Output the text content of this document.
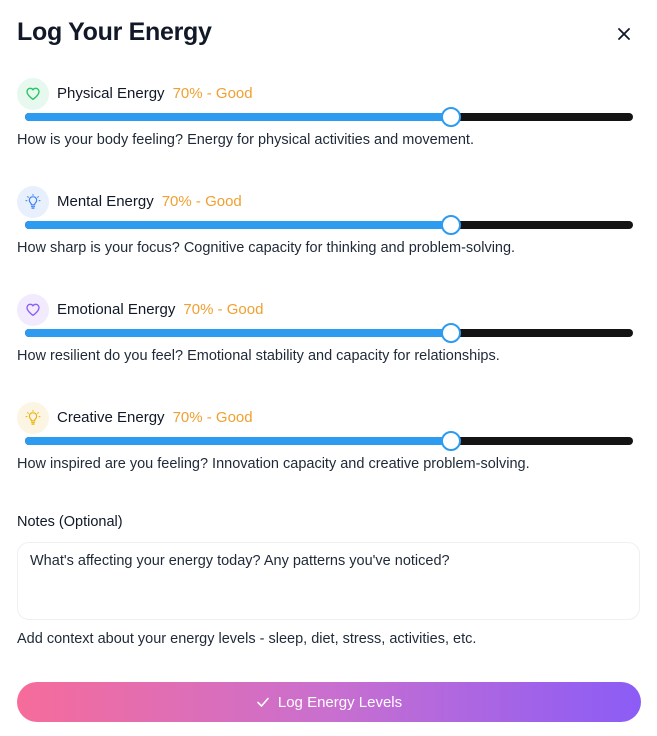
Log Your Energy
Physical Energy 70% - Good
How is your body feeling? Energy for physical activities and movement.
Mental Energy 70% - Good
How sharp is your focus? Cognitive capacity for thinking and problem-solving.
Emotional Energy 70% - Good
How resilient do you feel? Emotional stability and capacity for relationships.
Creative Energy 70% - Good
How inspired are you feeling? Innovation capacity and creative problem-solving.
Notes (Optional)
What's affecting your energy today? Any patterns you've noticed?
Add context about your energy levels - sleep, diet, stress, activities, etc.
Log Energy Levels
